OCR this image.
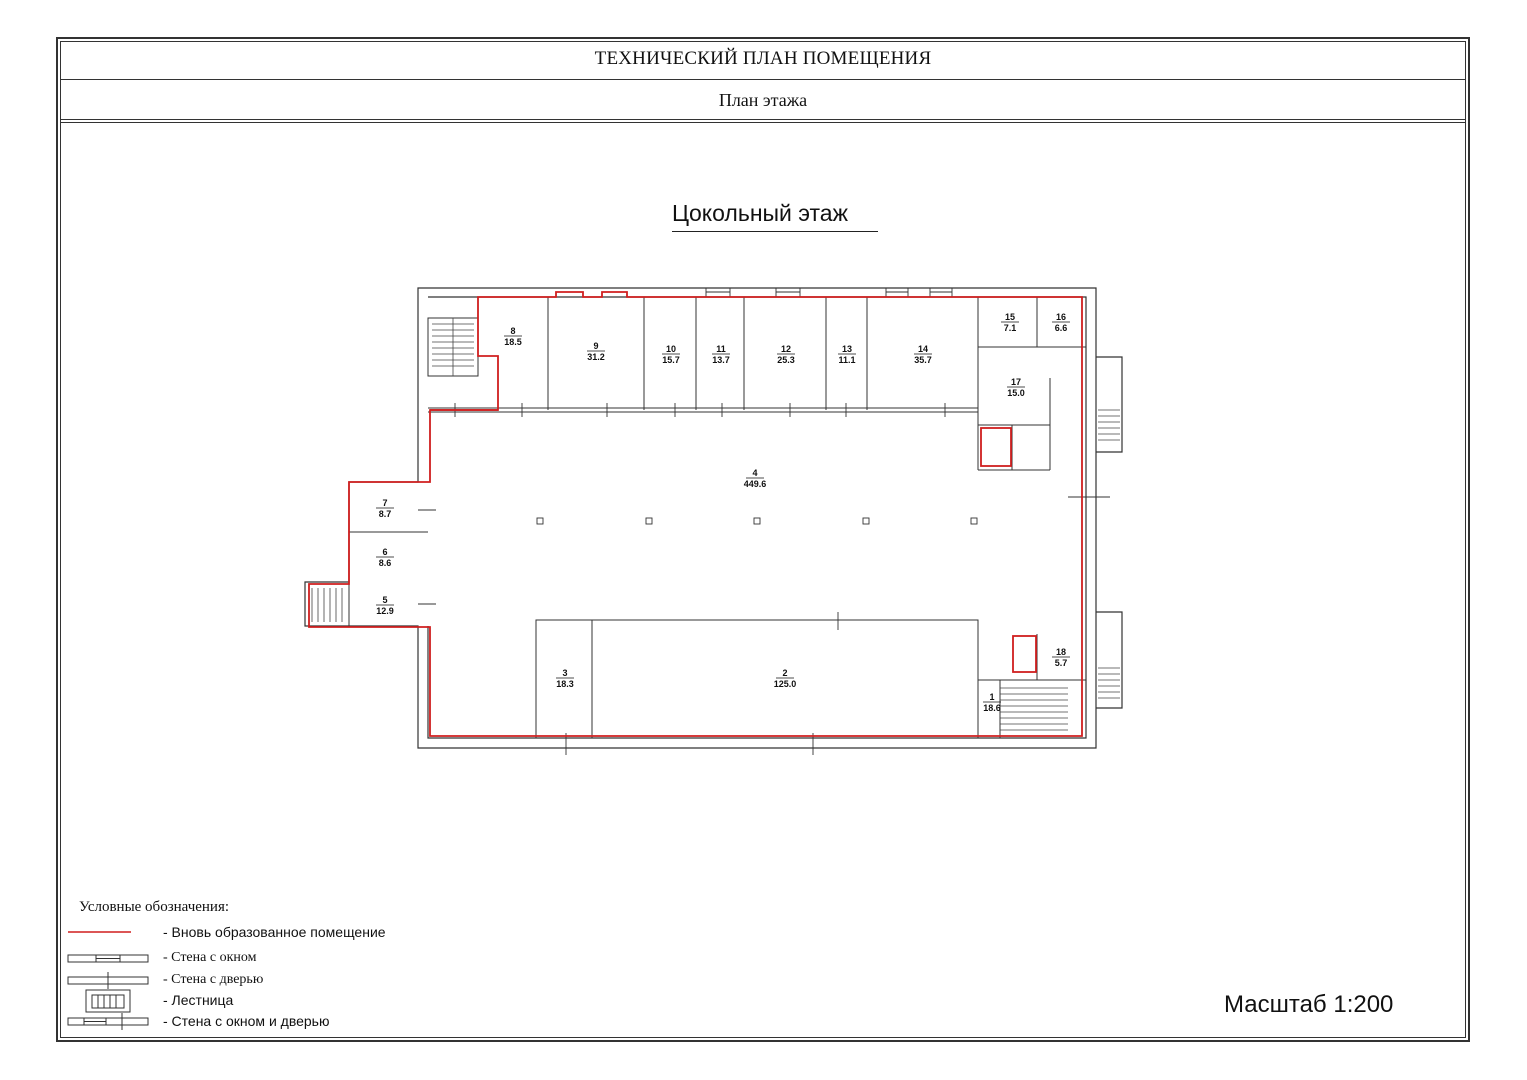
ТЕХНИЧЕСКИЙ ПЛАН ПОМЕЩЕНИЯ
План этажа
Цокольный этаж
1
18.6
2
125.0
3
18.3
4
449.6
5
12.9
6
8.6
7
8.7
8
18.5	9
31.2
10
15.7
11
13.7
12
25.3
13
11.1
14
35.7
15
7.1
16
6.6
17
15.0
18
5.7
Условные обозначения:
- Вновь образованное помещение
- Стена с окном
- Стена с дверью
- Лестница
- Стена с окном и дверью
Масштаб 1:200
